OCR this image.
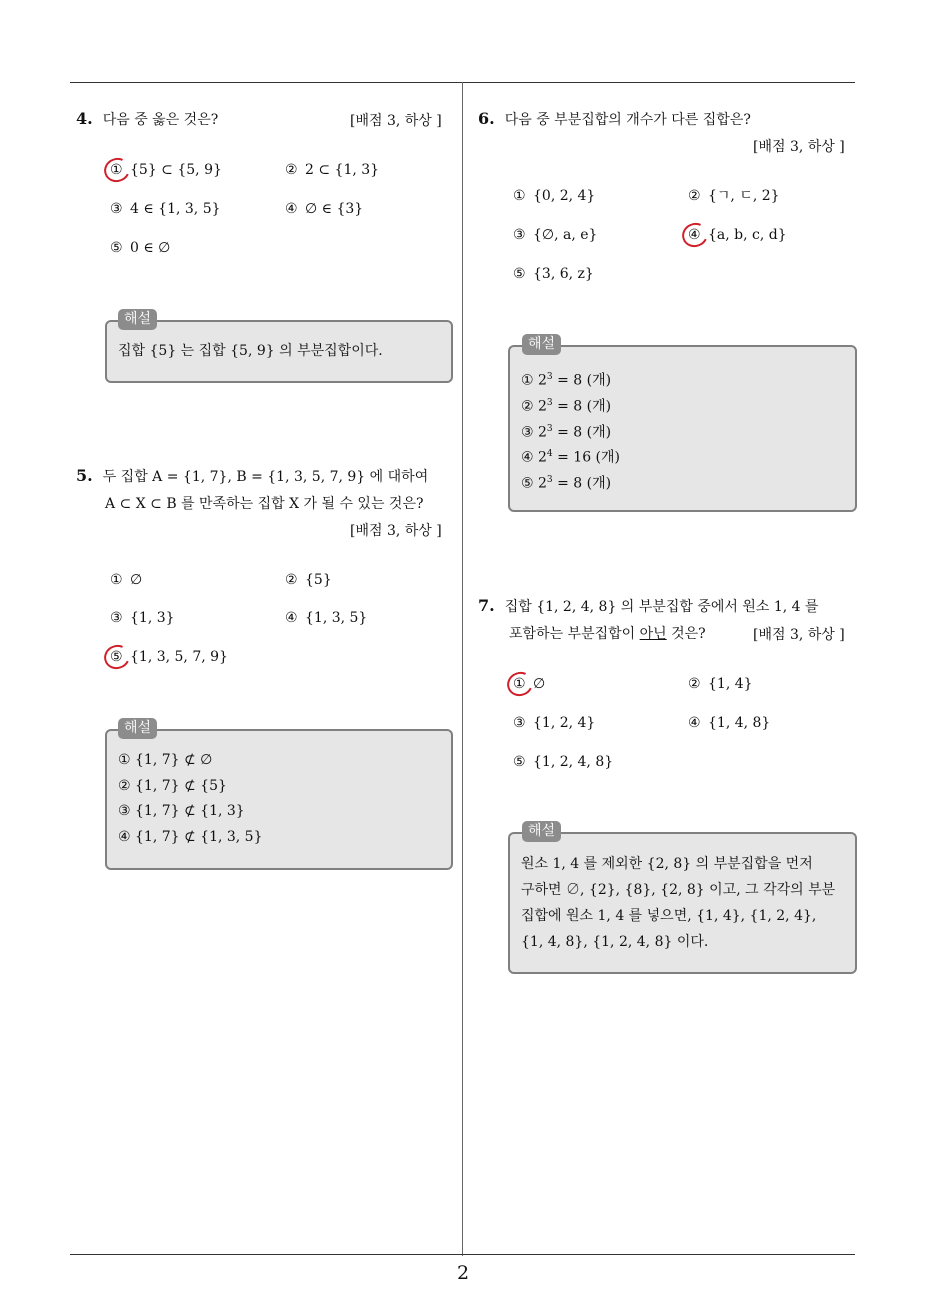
2
4. 다음 중 옳은 것은?	[배점 3, 하상 ]
① {5} ⊂ {5, 9}	② 2 ⊂ {1, 3}
③ 4 ∈ {1, 3, 5}	④ ∅ ∈ {3}
⑤ 0 ∈ ∅
해설
집합 {5} 는 집합 {5, 9} 의 부분집합이다.
5. 두 집합 A = {1, 7}, B = {1, 3, 5, 7, 9} 에 대하여
A ⊂ X ⊂ B 를 만족하는 집합 X 가 될 수 있는 것은?
[배점 3, 하상 ]
① ∅	② {5}
③ {1, 3}	④ {1, 3, 5}
⑤ {1, 3, 5, 7, 9}
해설
① {1, 7} ⊄ ∅
② {1, 7} ⊄ {5}
③ {1, 7} ⊄ {1, 3}
④ {1, 7} ⊄ {1, 3, 5}
6. 다음 중 부분집합의 개수가 다른 집합은?
[배점 3, 하상 ]
① {0, 2, 4}	② {ㄱ, ㄷ, 2}
③ {∅, a, e}	④ {a, b, c, d}
⑤ {3, 6, z}
해설
① $2^3 = 8$ (개)
② $2^3 = 8$ (개)
③ $2^3 = 8$ (개)
④ $2^4 = 16$ (개)
⑤ $2^3 = 8$ (개)
7. 집합 {1, 2, 4, 8} 의 부분집합 중에서 원소 1, 4 를
포함하는 부분집합이 아닌 것은?	[배점 3, 하상 ]
① ∅	② {1, 4}
③ {1, 2, 4}	④ {1, 4, 8}
⑤ {1, 2, 4, 8}
해설
원소 1, 4 를 제외한 {2, 8} 의 부분집합을 먼저
구하면 ∅, {2}, {8}, {2, 8} 이고, 그 각각의 부분
집합에 원소 1, 4 를 넣으면, {1, 4}, {1, 2, 4},
{1, 4, 8}, {1, 2, 4, 8} 이다.
